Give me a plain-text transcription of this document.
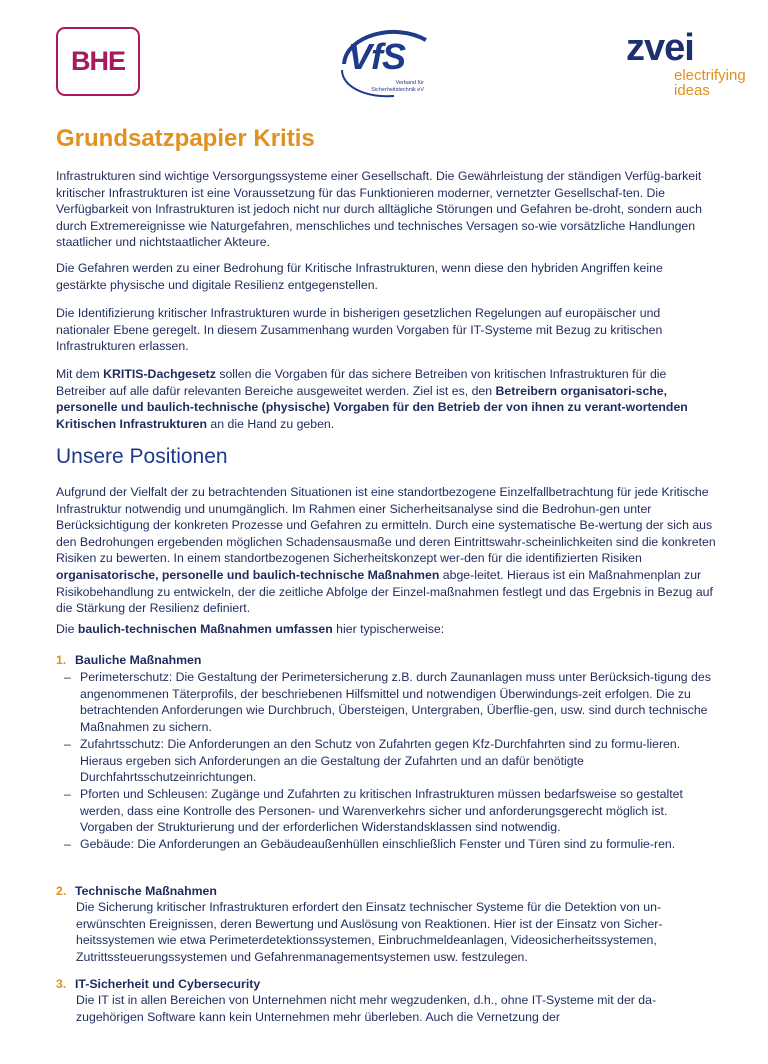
BHE	VfS
Verband für Sicherheitstechnik eV
zvei
electrifying
ideas
Grundsatzpapier Kritis

Infrastrukturen sind wichtige Versorgungssysteme einer Gesellschaft. Die Gewährleistung der ständigen Verfüg-barkeit kritischer Infrastrukturen ist eine Voraussetzung für das Funktionieren moderner, vernetzter Gesellschaf-ten. Die Verfügbarkeit von Infrastrukturen ist jedoch nicht nur durch alltägliche Störungen und Gefahren be-droht, sondern auch durch Extremereignisse wie Naturgefahren, menschliches und technisches Versagen so-wie vorsätzliche Handlungen staatlicher und nichtstaatlicher Akteure.

Die Gefahren werden zu einer Bedrohung für Kritische Infrastrukturen, wenn diese den hybriden Angriffen keine gestärkte physische und digitale Resilienz entgegenstellen.

Die Identifizierung kritischer Infrastrukturen wurde in bisherigen gesetzlichen Regelungen auf europäischer und nationaler Ebene geregelt. In diesem Zusammenhang wurden Vorgaben für IT-Systeme mit Bezug zu kritischen Infrastrukturen erlassen.

Mit dem KRITIS-Dachgesetz sollen die Vorgaben für das sichere Betreiben von kritischen Infrastrukturen für die Betreiber auf alle dafür relevanten Bereiche ausgeweitet werden. Ziel ist es, den Betreibern organisatori-sche, personelle und baulich-technische (physische) Vorgaben für den Betrieb der von ihnen zu verant-wortenden Kritischen Infrastrukturen an die Hand zu geben.

Unsere Positionen

Aufgrund der Vielfalt der zu betrachtenden Situationen ist eine standortbezogene Einzelfallbetrachtung für jede Kritische Infrastruktur notwendig und unumgänglich. Im Rahmen einer Sicherheitsanalyse sind die Bedrohun-gen unter Berücksichtigung der konkreten Prozesse und Gefahren zu ermitteln. Durch eine systematische Be-wertung der sich aus den Bedrohungen ergebenden möglichen Schadensausmaße und deren Eintrittswahr-scheinlichkeiten sind die konkreten Risiken zu bewerten. In einem standortbezogenen Sicherheitskonzept wer-den für die identifizierten Risiken organisatorische, personelle und baulich-technische Maßnahmen abge-leitet. Hieraus ist ein Maßnahmenplan zur Risikobehandlung zu entwickeln, der die zeitliche Abfolge der Einzel-maßnahmen festlegt und das Ergebnis in Bezug auf die Stärkung der Resilienz definiert.

Die baulich-technischen Maßnahmen umfassen hier typischerweise:

1. Bauliche Maßnahmen

– Perimeterschutz: Die Gestaltung der Perimetersicherung z.B. durch Zaunanlagen muss unter Berücksich-tigung des angenommenen Täterprofils, der beschriebenen Hilfsmittel und notwendigen Überwindungs-zeit erfolgen. Die zu betrachtenden Anforderungen wie Durchbruch, Übersteigen, Untergraben, Überflie-gen, usw. sind durch technische Maßnahmen zu sichern.
– Zufahrtsschutz: Die Anforderungen an den Schutz von Zufahrten gegen Kfz-Durchfahrten sind zu formu-lieren. Hieraus ergeben sich Anforderungen an die Gestaltung der Zufahrten und an dafür benötigte Durchfahrtsschutzeinrichtungen.
– Pforten und Schleusen: Zugänge und Zufahrten zu kritischen Infrastrukturen müssen bedarfsweise so gestaltet werden, dass eine Kontrolle des Personen- und Warenverkehrs sicher und anforderungsgerecht möglich ist. Vorgaben der Strukturierung und der erforderlichen Widerstandsklassen sind notwendig.
– Gebäude: Die Anforderungen an Gebäudeaußenhüllen einschließlich Fenster und Türen sind zu formulie-ren.

2. Technische Maßnahmen

Die Sicherung kritischer Infrastrukturen erfordert den Einsatz technischer Systeme für die Detektion von un-erwünschten Ereignissen, deren Bewertung und Auslösung von Reaktionen. Hier ist der Einsatz von Sicher-heitssystemen wie etwa Perimeterdetektionssystemen, Einbruchmeldeanlagen, Videosicherheitssystemen, Zutrittssteuerungssystemen und Gefahrenmanagementsystemen usw. festzulegen.

3. IT-Sicherheit und Cybersecurity

Die IT ist in allen Bereichen von Unternehmen nicht mehr wegzudenken, d.h., ohne IT-Systeme mit der da-zugehörigen Software kann kein Unternehmen mehr überleben. Auch die Vernetzung der
